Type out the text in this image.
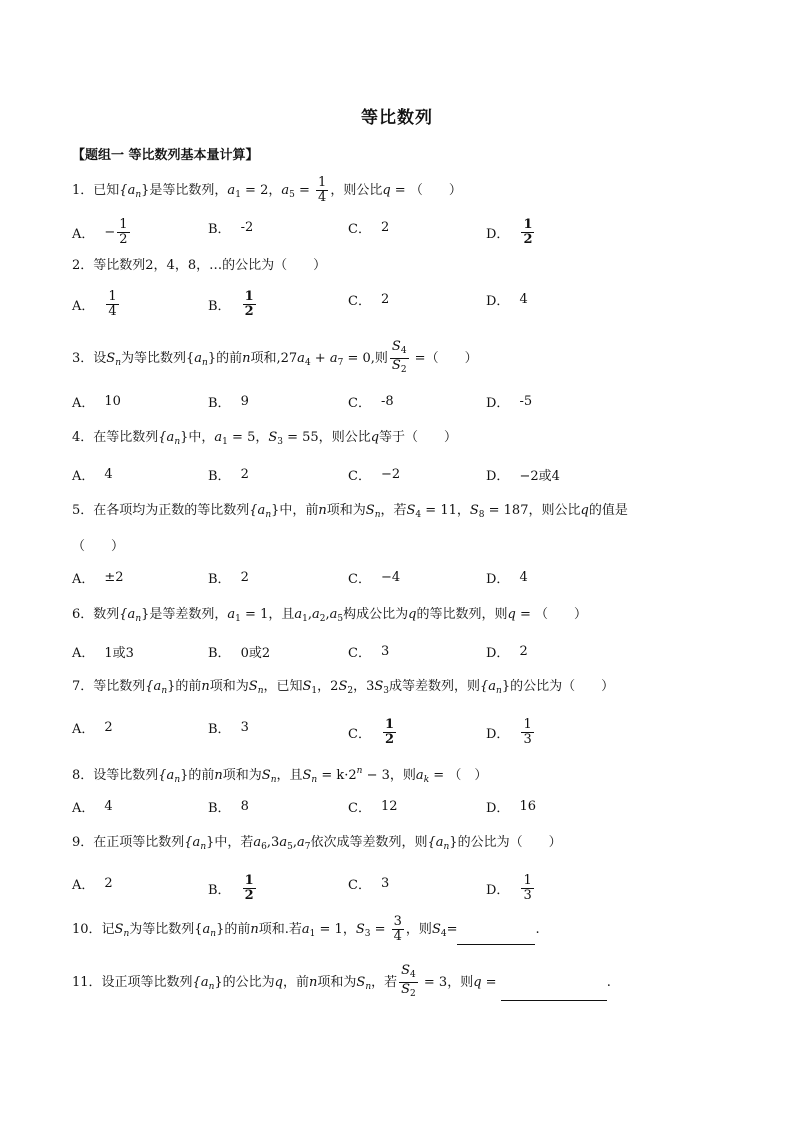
等比数列
【题组一 等比数列基本量计算】
1．已知$\{a_n\}$是等比数列，$a_1 = 2$，$a_5 = \frac{1}{4}$ ，则公比q = （　　）
A． − $\frac{1}{2}$	B． -2	C． 2	D． $\frac{1}{2}$
2．等比数列2，4，8，…的公比为（　　）
A． $\frac{1}{4}$	B． $\frac{1}{2}$	C． 2	D． 4
3．设$S_n$为等比数列$\{a_n\}$的前n项和$,27a_4 + a_7 = 0$,则 $\frac{S_4}{S_2}$ =（　　）
A． 10	B． 9	C． -8	D． -5
4．在等比数列$\{a_n\}$中，$a_1 = 5$，$S_3 = 55$，则公比q等于（　　）
A． 4	B． 2	C． −2	D． −2或4
5．在各项均为正数的等比数列$\{a_n\}$中，前n项和为$S_n$，若$S_4 = 11$，$S_8 = 187$，则公比q的值是
（　　）
A． ±2	B． 2	C． −4	D． 4
6．数列$\{a_n\}$是等差数列，$a_1 = 1$，且$a_1,a_2,a_5$构成公比为q的等比数列，则q = （　　）
A． 1或3	B． 0或2	C． 3	D． 2
7．等比数列$\{a_n\}$的前n项和为$S_n$，已知$S_1$，$2S_2$，$3S_3$成等差数列，则$\{a_n\}$的公比为（　　）
A． 2	B． 3	C． $\frac{1}{2}$	D． $\frac{1}{3}$
8．设等比数列$\{a_n\}$的前n项和为$S_n$，且$S_n = k\cdot 2^n - 3$，则$a_k$ = （　）
A． 4	B． 8	C． 12	D． 16
9．在正项等比数列$\{a_n\}$中，若$a_6,3a_5,a_7$依次成等差数列，则$\{a_n\}$的公比为（　　）
A． 2	B． $\frac{1}{2}$	C． 3	D． $\frac{1}{3}$
10．记$S_n$为等比数列$\{a_n\}$的前n项和.若$a_1 = 1$，$S_3 = \frac{3}{4}$ ，则$S_4=$	.
11．设正项等比数列$\{a_n\}$的公比为q，前n项和为$S_n$，若 $\frac{S_4}{S_2} = 3$，则q =	.
